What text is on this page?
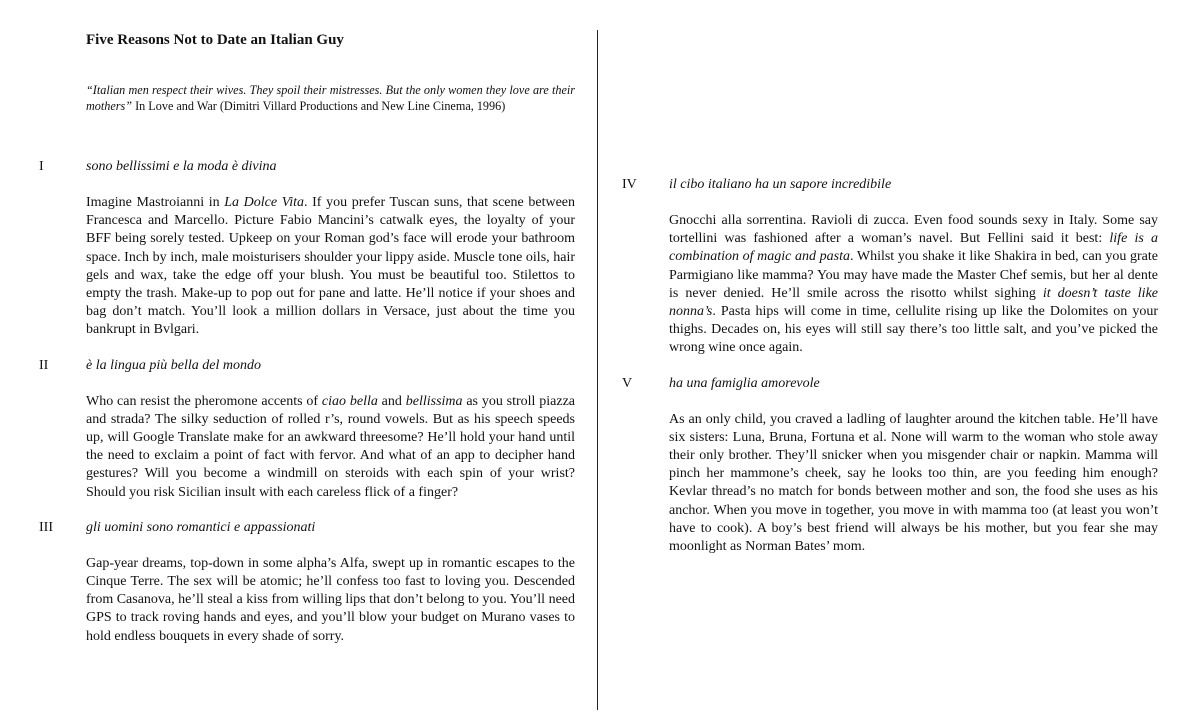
Five Reasons Not to Date an Italian Guy
“Italian men respect their wives. They spoil their mistresses. But the only women they love are their mothers” In Love and War (Dimitri Villard Productions and New Line Cinema, 1996)
I	sono bellissimi e la moda è divina

Imagine Mastroianni in La Dolce Vita. If you prefer Tuscan suns, that scene between Francesca and Marcello. Picture Fabio Mancini’s catwalk eyes, the loyalty of your BFF being sorely tested. Upkeep on your Roman god’s face will erode your bathroom space. Inch by inch, male moisturisers shoulder your lippy aside. Muscle tone oils, hair gels and wax, take the edge off your blush. You must be beautiful too. Stilettos to empty the trash. Make-up to pop out for pane and latte. He’ll notice if your shoes and bag don’t match. You’ll look a million dollars in Versace, just about the time you bankrupt in Bvlgari.

II	è la lingua più bella del mondo

Who can resist the pheromone accents of ciao bella and bellissima as you stroll piazza and strada? The silky seduction of rolled r’s, round vowels. But as his speech speeds up, will Google Translate make for an awkward threesome? He’ll hold your hand until the need to exclaim a point of fact with fervor. And what of an app to decipher hand gestures? Will you become a windmill on steroids with each spin of your wrist? Should you risk Sicilian insult with each careless flick of a finger?

III gli uomini sono romantici e appassionati

Gap-year dreams, top-down in some alpha’s Alfa, swept up in romantic escapes to the Cinque Terre. The sex will be atomic; he’ll confess too fast to loving you. Descended from Casanova, he’ll steal a kiss from willing lips that don’t belong to you. You’ll need GPS to track roving hands and eyes, and you’ll blow your budget on Murano vases to hold endless bouquets in every shade of sorry.

IV il cibo italiano ha un sapore incredibile

Gnocchi alla sorrentina. Ravioli di zucca. Even food sounds sexy in Italy. Some say tortellini was fashioned after a woman’s navel. But Fellini said it best: life is a combination of magic and pasta. Whilst you shake it like Shakira in bed, can you grate Parmigiano like mamma? You may have made the Master Chef semis, but her al dente is never denied. He’ll smile across the risotto whilst sighing it doesn’t taste like nonna’s. Pasta hips will come in time, cellulite rising up like the Dolomites on your thighs. Decades on, his eyes will still say there’s too little salt, and you’ve picked the wrong wine once again.

V	ha una famiglia amorevole

As an only child, you craved a ladling of laughter around the kitchen table. He’ll have six sisters: Luna, Bruna, Fortuna et al. None will warm to the woman who stole away their only brother. They’ll snicker when you misgender chair or napkin. Mamma will pinch her mammone’s cheek, say he looks too thin, are you feeding him enough? Kevlar thread’s no match for bonds between mother and son, the food she uses as his anchor. When you move in together, you move in with mamma too (at least you won’t have to cook). A boy’s best friend will always be his mother, but you fear she may moonlight as Norman Bates’ mom.
